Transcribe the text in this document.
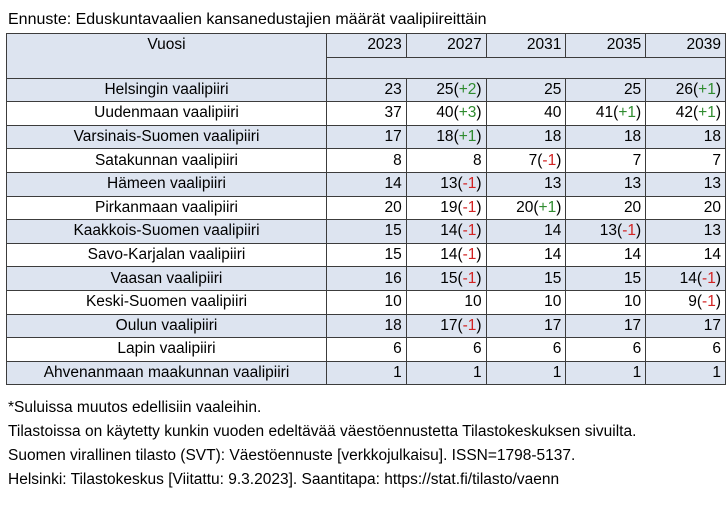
Ennuste: Eduskuntavaalien kansanedustajien määrät vaalipiireittäin
Vuosi	2023	2027	2031	2035	2039

Helsingin vaalipiiri	23	25(+2)	25	25	26(+1)
Uudenmaan vaalipiiri	37	40(+3)	40	41(+1)	42(+1)
Varsinais-Suomen vaalipiiri	17	18(+1)	18	18	18
Satakunnan vaalipiiri	8	8	7(-1)	7	7
Hämeen vaalipiiri	14	13(-1)	13	13	13
Pirkanmaan vaalipiiri	20	19(-1)	20(+1)	20	20
Kaakkois-Suomen vaalipiiri	15	14(-1)	14	13(-1)	13
Savo-Karjalan vaalipiiri	15	14(-1)	14	14	14
Vaasan vaalipiiri	16	15(-1)	15	15	14(-1)
Keski-Suomen vaalipiiri	10	10	10	10	9(-1)
Oulun vaalipiiri	18	17(-1)	17	17	17
Lapin vaalipiiri	6	6	6	6	6
Ahvenanmaan maakunnan vaalipiiri	1	1	1	1	1
*Suluissa muutos edellisiin vaaleihin.
Tilastoissa on käytetty kunkin vuoden edeltävää väestöennustetta Tilastokeskuksen sivuilta.
Suomen virallinen tilasto (SVT): Väestöennuste [verkkojulkaisu]. ISSN=1798-5137.
Helsinki: Tilastokeskus [Viitattu: 9.3.2023]. Saantitapa: https://stat.fi/tilasto/vaenn
